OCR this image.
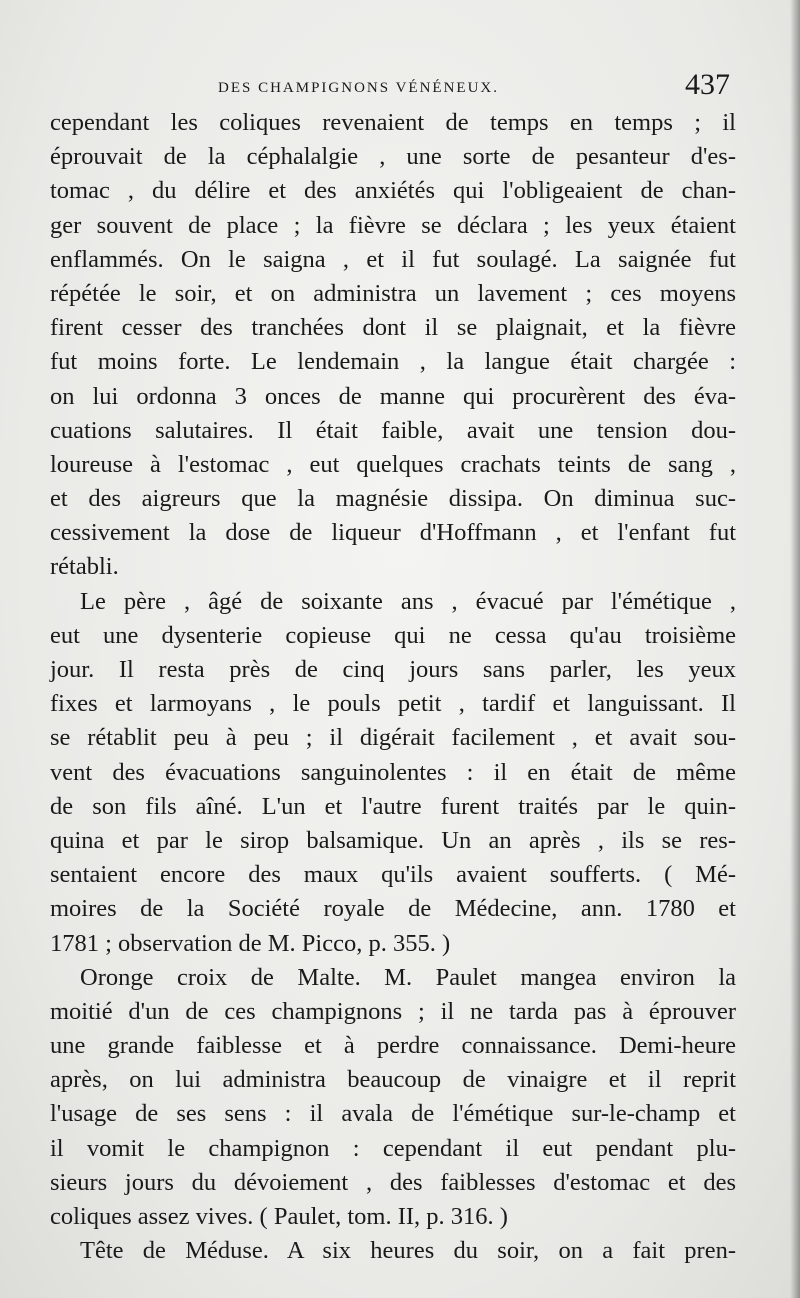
DES CHAMPIGNONS VÉNÉNEUX.	437
cependant les coliques revenaient de temps en temps ; il
éprouvait de la céphalalgie , une sorte de pesanteur d'es-
tomac , du délire et des anxiétés qui l'obligeaient de chan-
ger souvent de place ; la fièvre se déclara ; les yeux étaient
enflammés. On le saigna , et il fut soulagé. La saignée fut
répétée le soir, et on administra un lavement ; ces moyens
firent cesser des tranchées dont il se plaignait, et la fièvre
fut moins forte. Le lendemain , la langue était chargée :
on lui ordonna 3 onces de manne qui procurèrent des éva-
cuations salutaires. Il était faible, avait une tension dou-
loureuse à l'estomac , eut quelques crachats teints de sang ,
et des aigreurs que la magnésie dissipa. On diminua suc-
cessivement la dose de liqueur d'Hoffmann , et l'enfant fut
rétabli.
Le père , âgé de soixante ans , évacué par l'émétique ,
eut une dysenterie copieuse qui ne cessa qu'au troisième
jour. Il resta près de cinq jours sans parler, les yeux
fixes et larmoyans , le pouls petit , tardif et languissant. Il
se rétablit peu à peu ; il digérait facilement , et avait sou-
vent des évacuations sanguinolentes : il en était de même
de son fils aîné. L'un et l'autre furent traités par le quin-
quina et par le sirop balsamique. Un an après , ils se res-
sentaient encore des maux qu'ils avaient soufferts. ( Mé-
moires de la Société royale de Médecine, ann. 1780 et
1781 ; observation de M. Picco, p. 355. )
Oronge croix de Malte. M. Paulet mangea environ la
moitié d'un de ces champignons ; il ne tarda pas à éprouver
une grande faiblesse et à perdre connaissance. Demi-heure
après, on lui administra beaucoup de vinaigre et il reprit
l'usage de ses sens : il avala de l'émétique sur-le-champ et
il vomit le champignon : cependant il eut pendant plu-
sieurs jours du dévoiement , des faiblesses d'estomac et des
coliques assez vives. ( Paulet, tom. II, p. 316. )
Tête de Méduse. A six heures du soir, on a fait pren-
